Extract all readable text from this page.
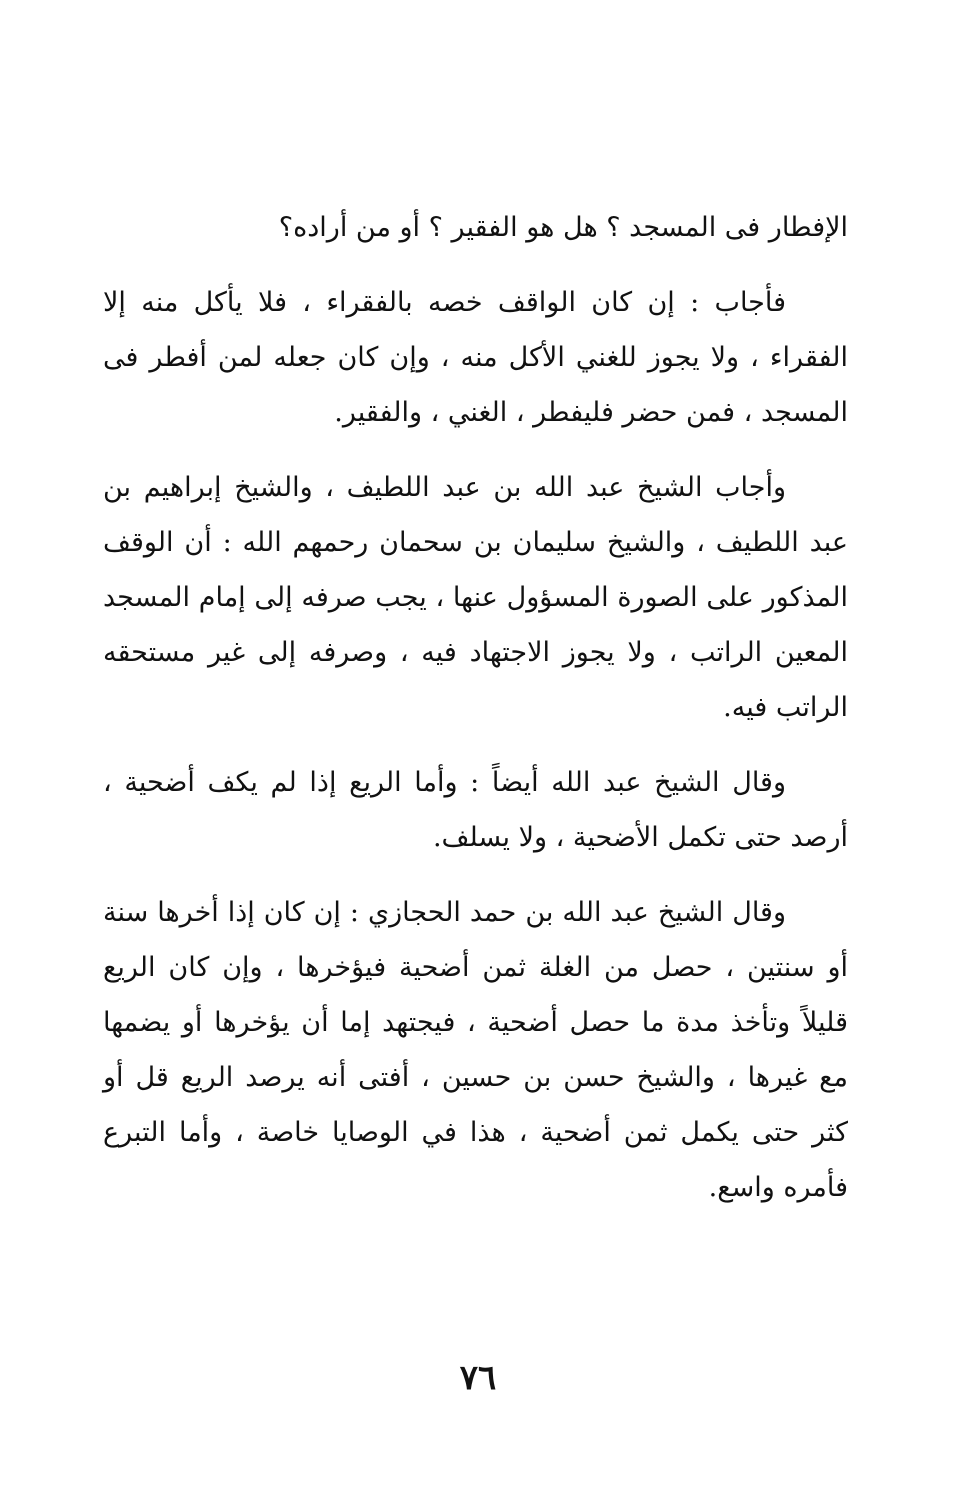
الإفطار فى المسجد ؟ هل هو الفقير ؟ أو من أراده؟

فأجاب : إن كان الواقف خصه بالفقراء ، فلا يأكل منه إلا الفقراء ، ولا يجوز للغني الأكل منه ، وإن كان جعله لمن أفطر فى المسجد ، فمن حضر فليفطر ، الغني ، والفقير.

وأجاب الشيخ عبد الله بن عبد اللطيف ، والشيخ إبراهيم بن عبد اللطيف ، والشيخ سليمان بن سحمان رحمهم الله : أن الوقف المذكور على الصورة المسؤول عنها ، يجب صرفه إلى إمام المسجد المعين الراتب ، ولا يجوز الاجتهاد فيه ، وصرفه إلى غير مستحقه الراتب فيه.

وقال الشيخ عبد الله أيضاً : وأما الريع إذا لم يكف أضحية ، أرصد حتى تكمل الأضحية ، ولا يسلف.

وقال الشيخ عبد الله بن حمد الحجازي : إن كان إذا أخرها سنة أو سنتين ، حصل من الغلة ثمن أضحية فيؤخرها ، وإن كان الريع قليلاً وتأخذ مدة ما حصل أضحية ، فيجتهد إما أن يؤخرها أو يضمها مع غيرها ، والشيخ حسن بن حسين ، أفتى أنه يرصد الريع قل أو كثر حتى يكمل ثمن أضحية ، هذا في الوصايا خاصة ، وأما التبرع فأمره واسع.

٧٦
